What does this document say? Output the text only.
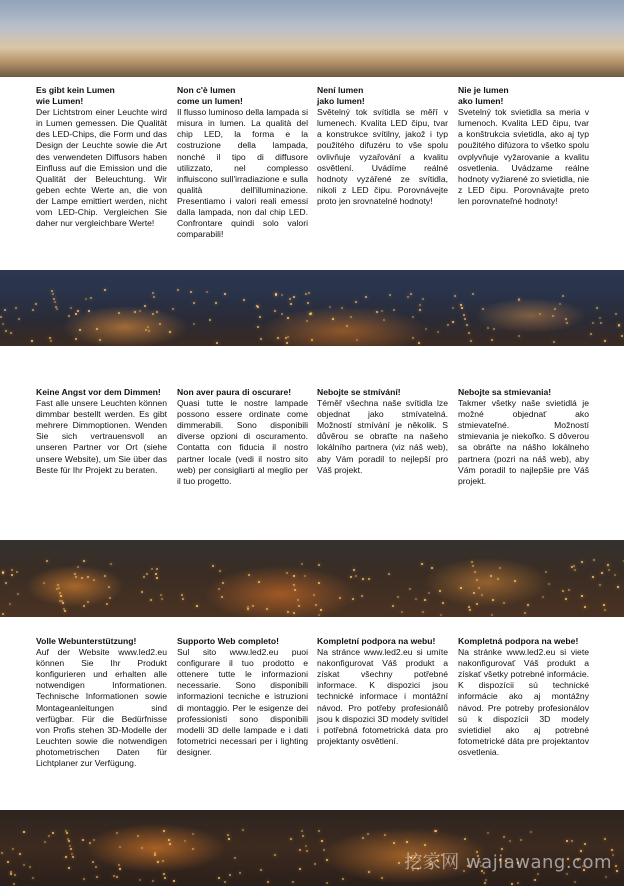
挖家网 wajiawang.com
Es gibt kein Lumen
wie Lumen!

Der Lichtstrom einer Leuchte wird in Lumen gemessen. Die Qualität des LED-Chips, die Form und das Design der Leuchte sowie die Art des verwendeten Diffusors haben Einfluss auf die Emission und die Qualität der Beleuchtung. Wir geben echte Werte an, die von der Lampe emittiert werden, nicht vom LED-Chip. Vergleichen Sie daher nur vergleichbare Werte!

Non c'è lumen
come un lumen!

Il flusso luminoso della lampada si misura in lumen. La qualità del chip LED, la forma e la costruzione della lampada, nonché il tipo di diffusore utilizzato, nel complesso influiscono sull'irradiazione e sulla qualità dell'illuminazione. Presentiamo i valori reali emessi dalla lampada, non dal chip LED. Confrontare quindi solo valori comparabili!

Není lumen
jako lumen!

Světelný tok svítidla se měří v lumenech. Kvalita LED čipu, tvar a konstrukce svítilny, jakož i typ použitého difuzéru to vše spolu ovlivňuje vyzařování a kvalitu osvětlení. Uvádíme reálné hodnoty vyzářené ze svítidla, nikoli z LED čipu. Porovnávejte proto jen srovnatelné hodnoty!

Nie je lumen
ako lumen!

Svetelný tok svietidla sa meria v lumenoch. Kvalita LED čipu, tvar a konštrukcia svietidla, ako aj typ použitého difúzora to všetko spolu ovplyvňuje vyžarovanie a kvalitu osvetlenia. Uvádzame reálne hodnoty vyžiarené zo svietidla, nie z LED čipu. Porovnávajte preto len porovnateľné hodnoty!

Keine Angst vor dem Dimmen!

Fast alle unsere Leuchten können dimmbar bestellt werden. Es gibt mehrere Dimmoptionen. Wenden Sie sich vertrauensvoll an unseren Partner vor Ort (siehe unsere Website), um Sie über das Beste für Ihr Projekt zu beraten.

Non aver paura di oscurare!

Quasi tutte le nostre lampade possono essere ordinate come dimmerabili. Sono disponibili diverse opzioni di oscuramento. Contatta con fiducia il nostro partner locale (vedi il nostro sito web) per consigliarti al meglio per il tuo progetto.

Nebojte se stmívání!

Téměř všechna naše svítidla lze objednat jako stmívatelná. Možností stmívání je několik. S důvěrou se obraťte na našeho lokálního partnera (viz náš web), aby Vám poradil to nejlepší pro Váš projekt.

Nebojte sa stmievania!

Takmer všetky naše svietidlá je možné objednať ako stmievateľné. Možností stmievania je niekoľko. S dôverou sa obráťte na nášho lokálneho partnera (pozri na náš web), aby Vám poradil to najlepšie pre Váš projekt.

Volle Webunterstützung!

Auf der Website www.led2.eu können Sie Ihr Produkt konfigurieren und erhalten alle notwendigen Informationen. Technische Informationen sowie Montageanleitungen sind verfügbar. Für die Bedürfnisse von Profis stehen 3D-Modelle der Leuchten sowie die notwendigen photometrischen Daten für Lichtplaner zur Verfügung.

Supporto Web completo!

Sul sito www.led2.eu puoi configurare il tuo prodotto e ottenere tutte le informazioni necessarie. Sono disponibili informazioni tecniche e istruzioni di montaggio. Per le esigenze dei professionisti sono disponibili modelli 3D delle lampade e i dati fotometrici necessari per i lighting designer.

Kompletní podpora na webu!

Na stránce www.led2.eu si umíte nakonfigurovat Váš produkt a získat všechny potřebné informace. K dispozici jsou technické informace i montážní návod. Pro potřeby profesionálů jsou k dispozici 3D modely svítidel i potřebná fotometrická data pro projektanty osvětlení.

Kompletná podpora na webe!

Na stránke www.led2.eu si viete nakonfigurovať Váš produkt a získať všetky potrebné informácie. K dispozícii sú technické informácie ako aj montážny návod. Pre potreby profesionálov sú k dispozícii 3D modely svietidiel ako aj potrebné fotometrické dáta pre projektantov osvetlenia.
